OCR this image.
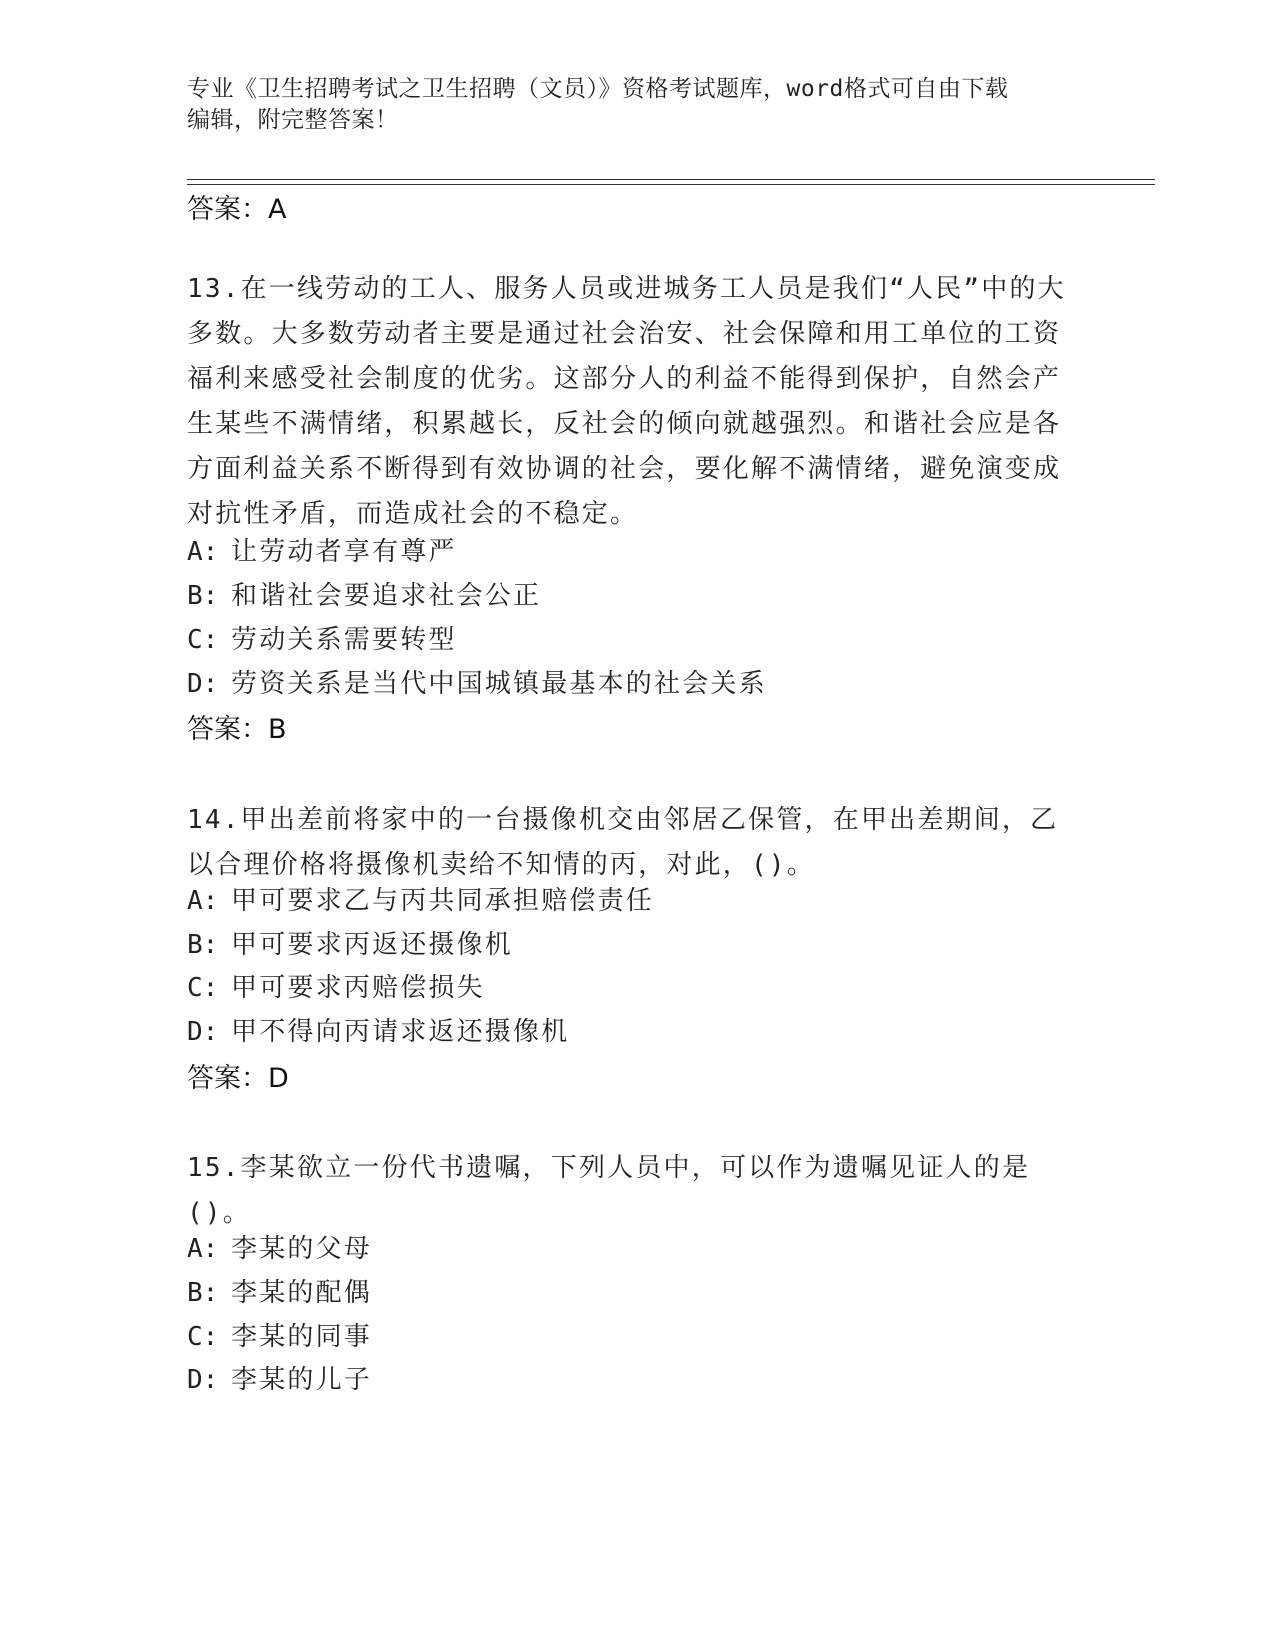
专业《卫生招聘考试之卫生招聘（文员）》资格考试题库，word格式可自由下载
编辑，附完整答案！
答案：A
13.在一线劳动的工人、服务人员或进城务工人员是我们“人民”中的大多数。大多数劳动者主要是通过社会治安、社会保障和用工单位的工资福利来感受社会制度的优劣。这部分人的利益不能得到保护，自然会产生某些不满情绪，积累越长，反社会的倾向就越强烈。和谐社会应是各方面利益关系不断得到有效协调的社会，要化解不满情绪，避免演变成对抗性矛盾，而造成社会的不稳定。
A: 让劳动者享有尊严
B: 和谐社会要追求社会公正
C: 劳动关系需要转型
D: 劳资关系是当代中国城镇最基本的社会关系
答案：B
14.甲出差前将家中的一台摄像机交由邻居乙保管，在甲出差期间，乙以合理价格将摄像机卖给不知情的丙，对此，()。
A: 甲可要求乙与丙共同承担赔偿责任
B: 甲可要求丙返还摄像机
C: 甲可要求丙赔偿损失
D: 甲不得向丙请求返还摄像机
答案：D
15.李某欲立一份代书遗嘱，下列人员中，可以作为遗嘱见证人的是()。
A: 李某的父母
B: 李某的配偶
C: 李某的同事
D: 李某的儿子
